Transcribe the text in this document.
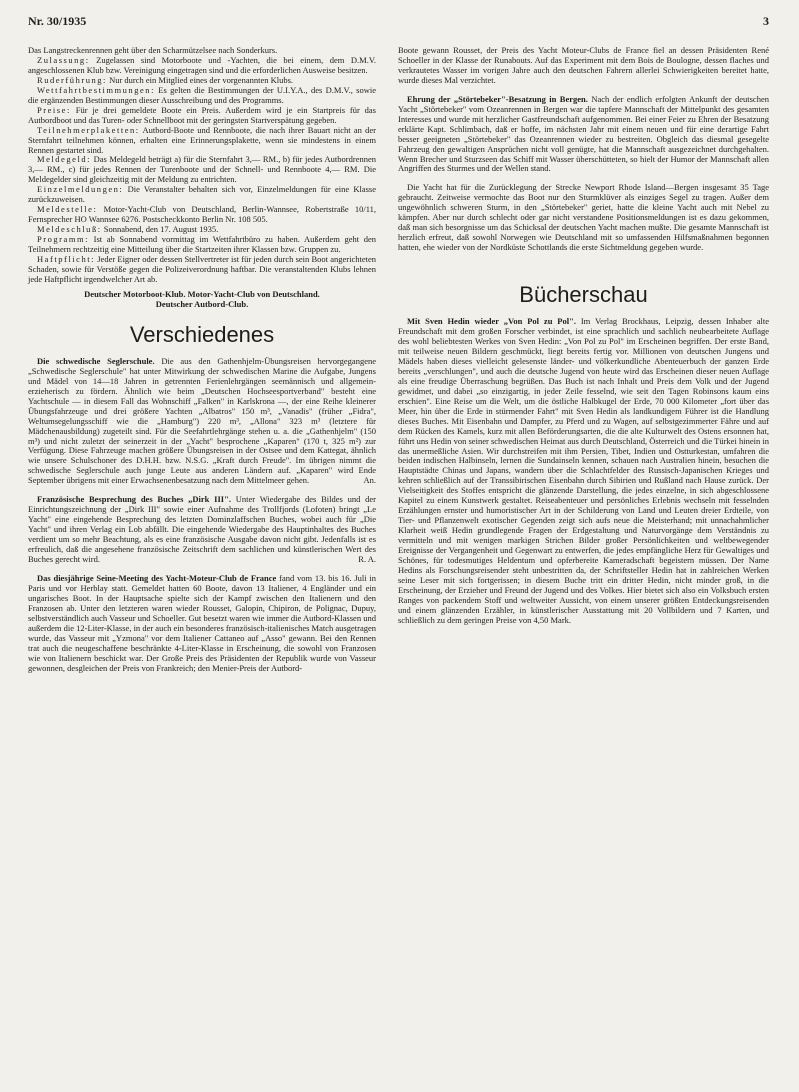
Nr. 30/1935	3

Das Langstreckenrennen geht über den Scharmützelsee nach Sonderkurs.

Zulassung: Zugelassen sind Motorboote und -Yachten, die bei einem, dem D.M.V. angeschlossenen Klub bzw. Vereinigung eingetragen sind und die erforderlichen Ausweise besitzen.

Ruderführung: Nur durch ein Mitglied eines der vorgenannten Klubs.

Wettfahrtbestimmungen: Es gelten die Bestimmungen der U.I.Y.A., des D.M.V., sowie die ergänzenden Bestimmungen dieser Ausschreibung und des Programms.

Preise: Für je drei gemeldete Boote ein Preis. Außerdem wird je ein Startpreis für das Autbordboot und das Turen- oder Schnellboot mit der geringsten Startverspätung gegeben.

Teilnehmerplaketten: Autbord-Boote und Rennboote, die nach ihrer Bauart nicht an der Sternfahrt teilnehmen können, erhalten eine Erinnerungsplakette, wenn sie mindestens in einem Rennen gestartet sind.

Meldegeld: Das Meldegeld beträgt a) für die Sternfahrt 3,— RM., b) für jedes Autbordrennen 3,— RM., c) für jedes Rennen der Turenboote und der Schnell- und Rennboote 4,— RM. Die Meldegelder sind gleichzeitig mit der Meldung zu entrichten.

Einzelmeldungen: Die Veranstalter behalten sich vor, Einzelmeldungen für eine Klasse zurückzuweisen.

Meldestelle: Motor-Yacht-Club von Deutschland, Berlin-Wannsee, Robertstraße 10/11, Fernsprecher HO Wannsee 6276. Postscheckkonto Berlin Nr. 108 505.

Meldeschluß: Sonnabend, den 17. August 1935.

Programm: Ist ab Sonnabend vormittag im Wettfahrtbüro zu haben. Außerdem geht den Teilnehmern rechtzeitig eine Mitteilung über die Startzeiten ihrer Klassen bzw. Gruppen zu.

Haftpflicht: Jeder Eigner oder dessen Stellvertreter ist für jeden durch sein Boot angerichteten Schaden, sowie für Verstöße gegen die Polizeiverordnung haftbar. Die veranstaltenden Klubs lehnen jede Haftpflicht irgendwelcher Art ab.

Deutscher Motorboot-Klub. Motor-Yacht-Club von Deutschland.
Deutscher Autbord-Club.
Verschiedenes

Die schwedische Seglerschule. Die aus den Gathenhjelm-Übungsreisen hervorgegangene „Schwedische Seglerschule" hat unter Mitwirkung der schwedischen Marine die Aufgabe, Jungens und Mädel von 14—18 Jahren in getrennten Ferienlehrgängen seemännisch und allgemein-erzieherisch zu fördern. Ähnlich wie beim „Deutschen Hochseesportverband" besteht eine Yachtschule — in diesem Fall das Wohnschiff „Falken" in Karlskrona —, der eine Reihe kleinerer Übungsfahrzeuge und drei größere Yachten „Albatros" 150 m³, „Vanadis" (früher „Fidra", Weltumsegelungsschiff wie die „Hamburg") 220 m³, „Allona" 323 m³ (letztere für Mädchenausbildung) zugeteilt sind. Für die Seefahrtlehrgänge stehen u. a. die „Gathenhjelm" (150 m³) und nicht zuletzt der seinerzeit in der „Yacht" besprochene „Kaparen" (170 t, 325 m²) zur Verfügung. Diese Fahrzeuge machen größere Übungsreisen in der Ostsee und dem Kattegat, ähnlich wie unsere Schulschoner des D.H.H. bzw. N.S.G. „Kraft durch Freude". Im übrigen nimmt die schwedische Seglerschule auch junge Leute aus anderen Ländern auf. „Kaparen" wird Ende September übrigens mit einer Erwachsenenbesatzung nach dem Mittelmeer gehen.	An.

Französische Besprechung des Buches „Dirk III". Unter Wiedergabe des Bildes und der Einrichtungszeichnung der „Dirk III" sowie einer Aufnahme des Trollfjords (Lofoten) bringt „Le Yacht" eine eingehende Besprechung des letzten Dominzlaffschen Buches, wobei auch für „Die Yacht" und ihren Verlag ein Lob abfällt. Die eingehende Wiedergabe des Hauptinhaltes des Buches verdient um so mehr Beachtung, als es eine französische Ausgabe davon nicht gibt. Jedenfalls ist es erfreulich, daß die angesehene französische Zeitschrift dem sachlichen und künstlerischen Wert des Buches gerecht wird.	R. A.

Das diesjährige Seine-Meeting des Yacht-Moteur-Club de France fand vom 13. bis 16. Juli in Paris und vor Herblay statt. Gemeldet hatten 60 Boote, davon 13 Italiener, 4 Engländer und ein ungarisches Boot. In der Hauptsache spielte sich der Kampf zwischen den Italienern und den Franzosen ab. Unter den letzteren waren wieder Rousset, Galopin, Chipiron, de Polignac, Dupuy, selbstverständlich auch Vasseur und Schoeller. Gut besetzt waren wie immer die Autbord-Klassen und außerdem die 12-Liter-Klasse, in der auch ein besonderes französisch-italienisches Match ausgetragen wurde, das Vasseur mit „Yzmona" vor dem Italiener Cattaneo auf „Asso" gewann. Bei den Rennen trat auch die neugeschaffene beschränkte 4-Liter-Klasse in Erscheinung, die sowohl von Franzosen wie von Italienern beschickt war. Der Große Preis des Präsidenten der Republik wurde von Vasseur gewonnen, desgleichen der Preis von Frankreich; den Menier-Preis der Autbord-

Boote gewann Rousset, der Preis des Yacht Moteur-Clubs de France fiel an dessen Präsidenten René Schoeller in der Klasse der Runabouts. Auf das Experiment mit dem Bois de Boulogne, dessen flaches und verkrautetes Wasser im vorigen Jahre auch den deutschen Fahrern allerlei Schwierigkeiten bereitet hatte, wurde dieses Mal verzichtet.

Ehrung der „Störtebeker"-Besatzung in Bergen. Nach der endlich erfolgten Ankunft der deutschen Yacht „Störtebeker" vom Ozeanrennen in Bergen war die tapfere Mannschaft der Mittelpunkt des gesamten Interesses und wurde mit herzlicher Gastfreundschaft aufgenommen. Bei einer Feier zu Ehren der Besatzung erklärte Kapt. Schlimbach, daß er hoffe, im nächsten Jahr mit einem neuen und für eine derartige Fahrt besser geeigneten „Störtebeker" das Ozeanrennen wieder zu bestreiten. Obgleich das diesmal gesegelte Fahrzeug den gewaltigen Ansprüchen nicht voll genügte, hat die Mannschaft ausgezeichnet durchgehalten. Wenn Brecher und Sturzseen das Schiff mit Wasser überschütteten, so hielt der Humor der Mannschaft allen Angriffen des Sturmes und der Wellen stand.

Die Yacht hat für die Zurücklegung der Strecke Newport Rhode Island—Bergen insgesamt 35 Tage gebraucht. Zeitweise vermochte das Boot nur den Sturmklüver als einziges Segel zu tragen. Außer dem ungewöhnlich schweren Sturm, in den „Störtebeker" geriet, hatte die kleine Yacht auch mit Nebel zu kämpfen. Aber nur durch schlecht oder gar nicht verstandene Positionsmeldungen ist es dazu gekommen, daß man sich besorgnisse um das Schicksal der deutschen Yacht machen mußte. Die gesamte Mannschaft ist herzlich erfreut, daß sowohl Norwegen wie Deutschland mit so umfassenden Hilfsmaßnahmen begonnen hatten, ehe wieder von der Nordküste Schottlands die erste Sichtmeldung gegeben wurde.

Bücherschau

Mit Sven Hedin wieder „Von Pol zu Pol". Im Verlag Brockhaus, Leipzig, dessen Inhaber alte Freundschaft mit dem großen Forscher verbindet, ist eine sprachlich und sachlich neubearbeitete Auflage des wohl beliebtesten Werkes von Sven Hedin: „Von Pol zu Pol" im Erscheinen begriffen. Der erste Band, mit teilweise neuen Bildern geschmückt, liegt bereits fertig vor. Millionen von deutschen Jungens und Mädels haben dieses vielleicht gelesenste länder- und völkerkundliche Abenteuerbuch der ganzen Erde bereits „verschlungen", und auch die deutsche Jugend von heute wird das Erscheinen dieser neuen Auflage als eine freudige Überraschung begrüßen. Das Buch ist nach Inhalt und Preis dem Volk und der Jugend gewidmet, und dabei „so einzigartig, in jeder Zeile fesselnd, wie seit den Tagen Robinsons kaum eins erschien". Eine Reise um die Welt, um die östliche Halbkugel der Erde, 70 000 Kilometer „fort über das Meer, hin über die Erde in stürmender Fahrt" mit Sven Hedin als landkundigem Führer ist die Handlung dieses Buches. Mit Eisenbahn und Dampfer, zu Pferd und zu Wagen, auf selbstgezimmerter Fähre und auf dem Rücken des Kamels, kurz mit allen Beförderungsarten, die die alte Kulturwelt des Ostens ersonnen hat, führt uns Hedin von seiner schwedischen Heimat aus durch Deutschland, Österreich und die Türkei hinein in das unermeßliche Asien. Wir durchstreifen mit ihm Persien, Tibet, Indien und Ostturkestan, umfahren die beiden indischen Halbinseln, lernen die Sundainseln kennen, schauen nach Australien hinein, besuchen die Hauptstädte Chinas und Japans, wandern über die Schlachtfelder des Russisch-Japanischen Krieges und kehren schließlich auf der Transsibirischen Eisenbahn durch Sibirien und Rußland nach Hause zurück. Der Vielseitigkeit des Stoffes entspricht die glänzende Darstellung, die jedes einzelne, in sich abgeschlossene Kapitel zu einem Kunstwerk gestaltet. Reiseabenteuer und persönliches Erlebnis wechseln mit fesselnden Erzählungen ernster und humoristischer Art in der Schilderung von Land und Leuten dreier Erdteile, von Tier- und Pflanzenwelt exotischer Gegenden zeigt sich aufs neue die Meisterhand; mit unnachahmlicher Klarheit weiß Hedin grundlegende Fragen der Erdgestaltung und Naturvorgänge dem Verständnis zu vermitteln und mit wenigen markigen Strichen Bilder großer Persönlichkeiten und weltbewegender Ereignisse der Vergangenheit und Gegenwart zu entwerfen, die jedes empfängliche Herz für Gewaltiges und Schönes, für todesmutiges Heldentum und opferbereite Kameradschaft begeistern müssen. Der Name Hedins als Forschungsreisender steht unbestritten da, der Schriftsteller Hedin hat in zahlreichen Werken seine Leser mit sich fortgerissen; in diesem Buche tritt ein dritter Hedin, nicht minder groß, in die Erscheinung, der Erzieher und Freund der Jugend und des Volkes. Hier bietet sich also ein Volksbuch ersten Ranges von packendem Stoff und weltweiter Aussicht, von einem unserer größten Entdeckungsreisenden und einem glänzenden Erzähler, in künstlerischer Ausstattung mit 20 Vollbildern und 7 Karten, und schließlich zu dem geringen Preise von 4,50 Mark.
